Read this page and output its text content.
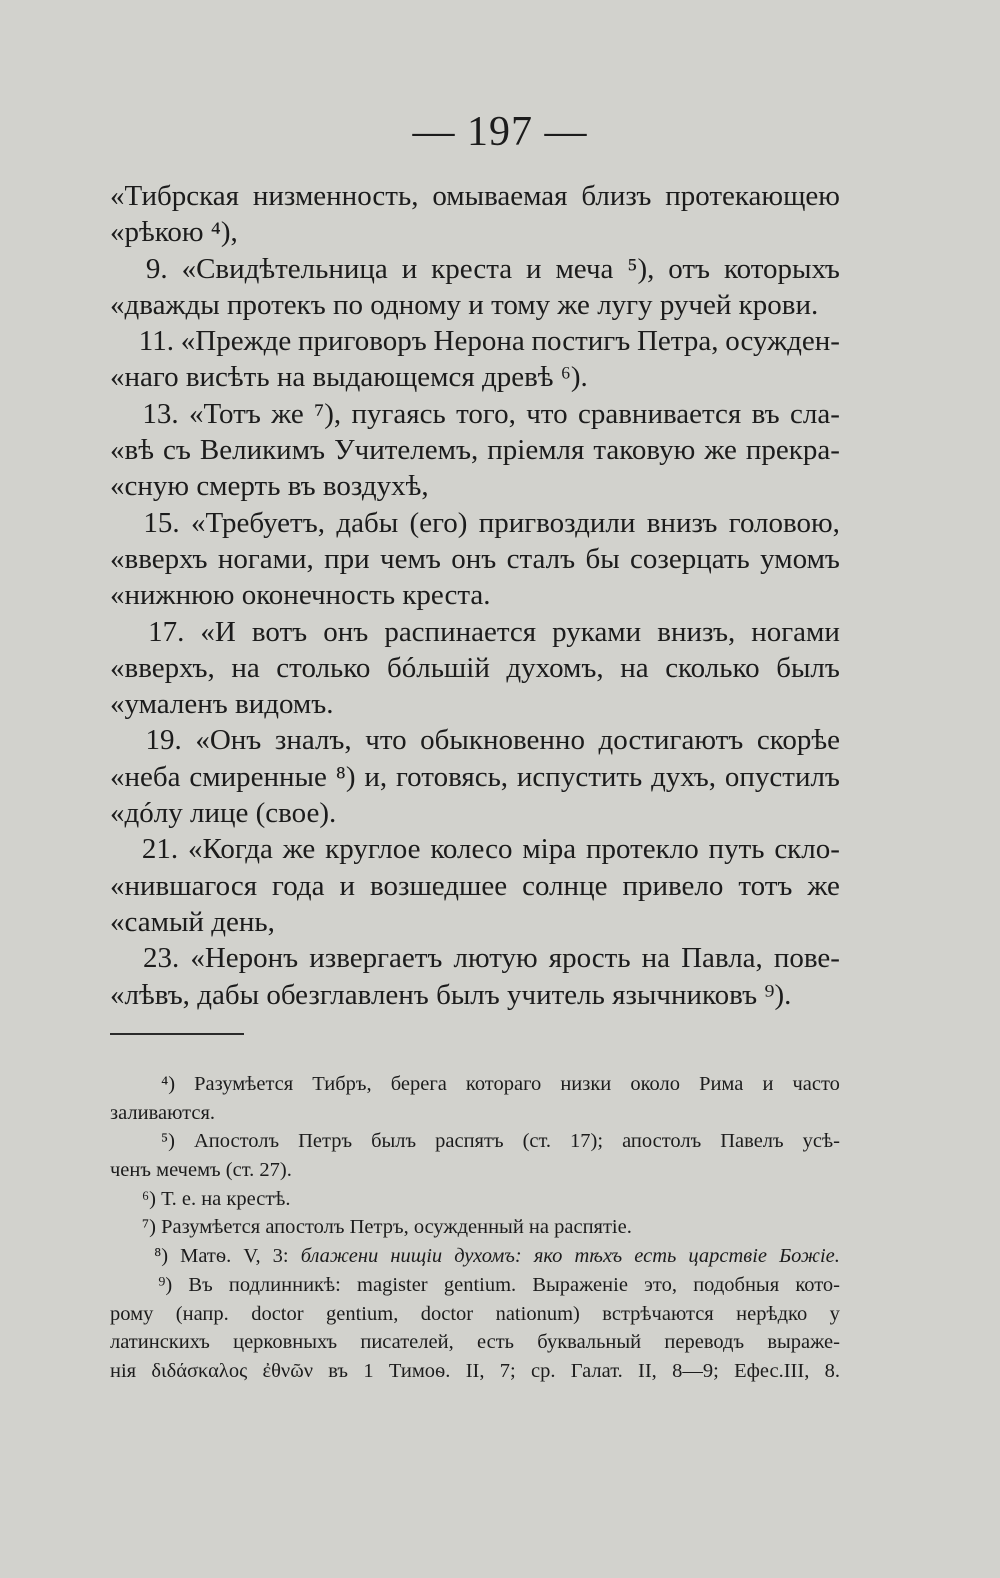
— 197 —
«Тибрская низменность, омываемая близъ протекающею
«рѣкою ⁴),
9. «Свидѣтельница и креста и меча ⁵), отъ которыхъ
«дважды протекъ по одному и тому же лугу ручей крови.
11. «Прежде приговоръ Нерона постигъ Петра, осужден-
«наго висѣть на выдающемся древѣ ⁶).
13. «Тотъ же ⁷), пугаясь того, что сравнивается въ сла-
«вѣ съ Великимъ Учителемъ, пріемля таковую же прекра-
«сную смерть въ воздухѣ,
15. «Требуетъ, дабы (его) пригвоздили внизъ головою,
«вверхъ ногами, при чемъ онъ сталъ бы созерцать умомъ
«нижнюю оконечность креста.
17. «И вотъ онъ распинается руками внизъ, ногами
«вверхъ, на столько бóльшій духомъ, на сколько былъ
«умаленъ видомъ.
19. «Онъ зналъ, что обыкновенно достигаютъ скорѣе
«неба смиренные ⁸) и, готовясь, испустить духъ, опустилъ
«дóлу лице (свое).
21. «Когда же круглое колесо міра протекло путь скло-
«нившагося года и возшедшее солнце привело тотъ же
«самый день,
23. «Неронъ извергаетъ лютую ярость на Павла, пове-
«лѣвъ, дабы обезглавленъ былъ учитель язычниковъ ⁹).
⁴) Разумѣется Тибръ, берега котораго низки около Рима и часто
заливаются.
⁵) Апостолъ Петръ былъ распятъ (ст. 17); апостолъ Павелъ усѣ-
ченъ мечемъ (ст. 27).
⁶) Т. е. на крестѣ.
⁷) Разумѣется апостолъ Петръ, осужденный на распятіе.
⁸) Матѳ. V, 3: блажени нищіи духомъ: яко тѣхъ есть царствіе Божіе.
⁹) Въ подлинникѣ: magister gentium. Выраженіе это, подобныя кото-
рому (напр. doctor gentium, doctor nationum) встрѣчаются нерѣдко у
латинскихъ церковныхъ писателей, есть буквальный переводъ выраже-
нія διδάσκαλος ἐθνῶν въ 1 Тимоѳ. II, 7; ср. Галат. II, 8—9; Ефес.III, 8.
